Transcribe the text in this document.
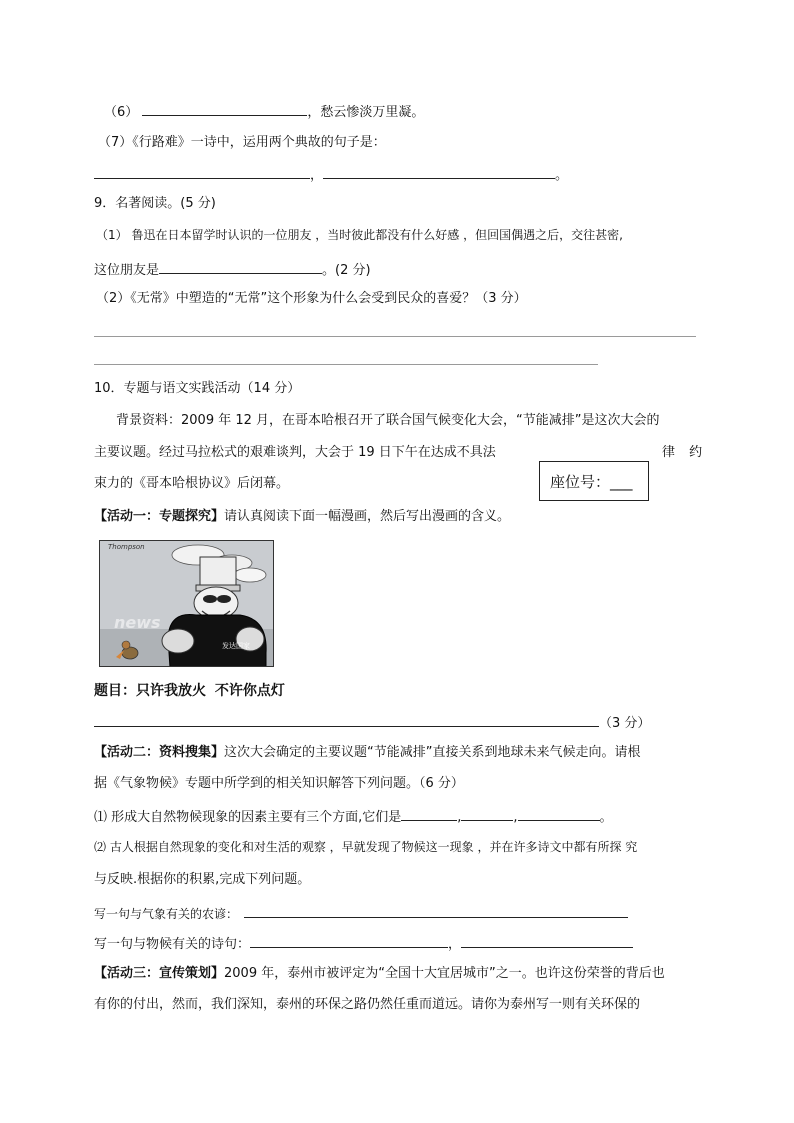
（6）	，愁云惨淡万里凝。
（7）《行路难》一诗中，运用两个典故的句子是：
，	。
9．名著阅读。(5 分)
（1） 鲁迅在日本留学时认识的一位朋友 ，当时彼此都没有什么好感 ，但回国偶遇之后，交往甚密,
这位朋友是	。(2 分)
（2）《无常》中塑造的“无常”这个形象为什么会受到民众的喜爱？（3 分）
10．专题与语文实践活动（14 分）
背景资料：2009 年 12 月，在哥本哈根召开了联合国气候变化大会，“节能减排”是这次大会的
主要议题。经过马拉松式的艰难谈判，大会于 19 日下午在达成不具法	律 约
束力的《哥本哈根协议》后闭幕。	座位号：___
【活动一：专题探究】请认真阅读下面一幅漫画，然后写出漫画的含义。
Thompson
news
发达国家
题目：只许我放火 不许你点灯
（3 分）
【活动二：资料搜集】这次大会确定的主要议题“节能减排”直接关系到地球未来气候走向。请根
据《气象物候》专题中所学到的相关知识解答下列问题。（6 分）
⑴ 形成大自然物候现象的因素主要有三个方面,它们是	,	,	。
⑵ 古人根据自然现象的变化和对生活的观察 ，早就发现了物候这一现象 ，并在许多诗文中都有所探 究
与反映.根据你的积累,完成下列问题。
写一句与气象有关的农谚：
写一句与物候有关的诗句：	，
【活动三：宣传策划】2009 年，泰州市被评定为“全国十大宜居城市”之一。也许这份荣誉的背后也
有你的付出，然而，我们深知，泰州的环保之路仍然任重而道远。请你为泰州写一则有关环保的
